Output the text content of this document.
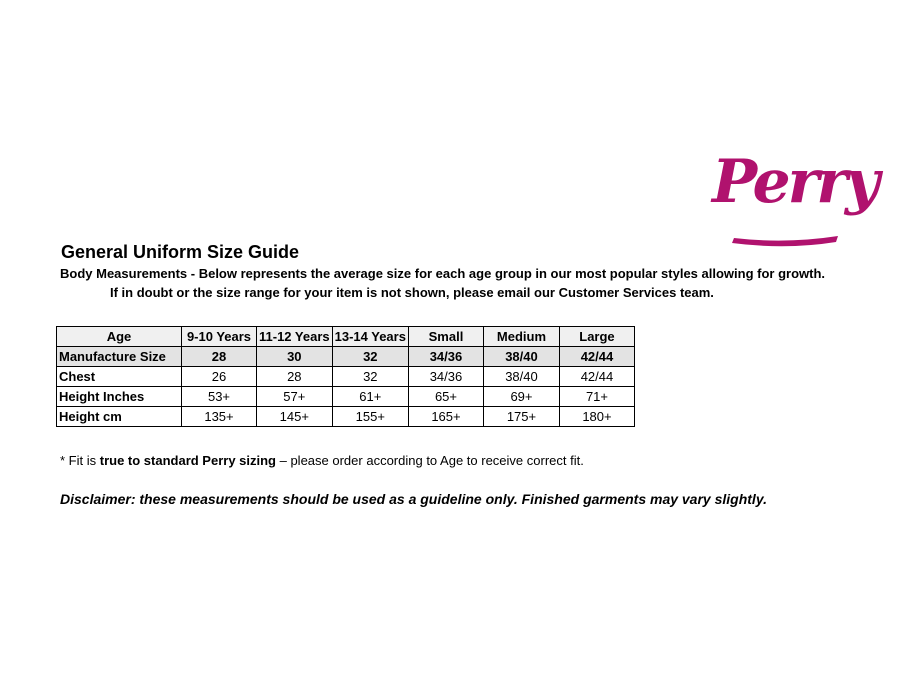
Perry
General Uniform Size Guide
Body Measurements - Below represents the average size for each age group in our most popular styles allowing for growth.
If in doubt or the size range for your item is not shown, please email our Customer Services team.
Age	9-10 Years	11-12 Years	13-14 Years	Small	Medium	Large
Manufacture Size	28	30	32	34/36	38/40	42/44
Chest	26	28	32	34/36	38/40	42/44
Height Inches	53+	57+	61+	65+	69+	71+
Height cm	135+	145+	155+	165+	175+	180+
* Fit is true to standard Perry sizing – please order according to Age to receive correct fit.
Disclaimer: these measurements should be used as a guideline only. Finished garments may vary slightly.
